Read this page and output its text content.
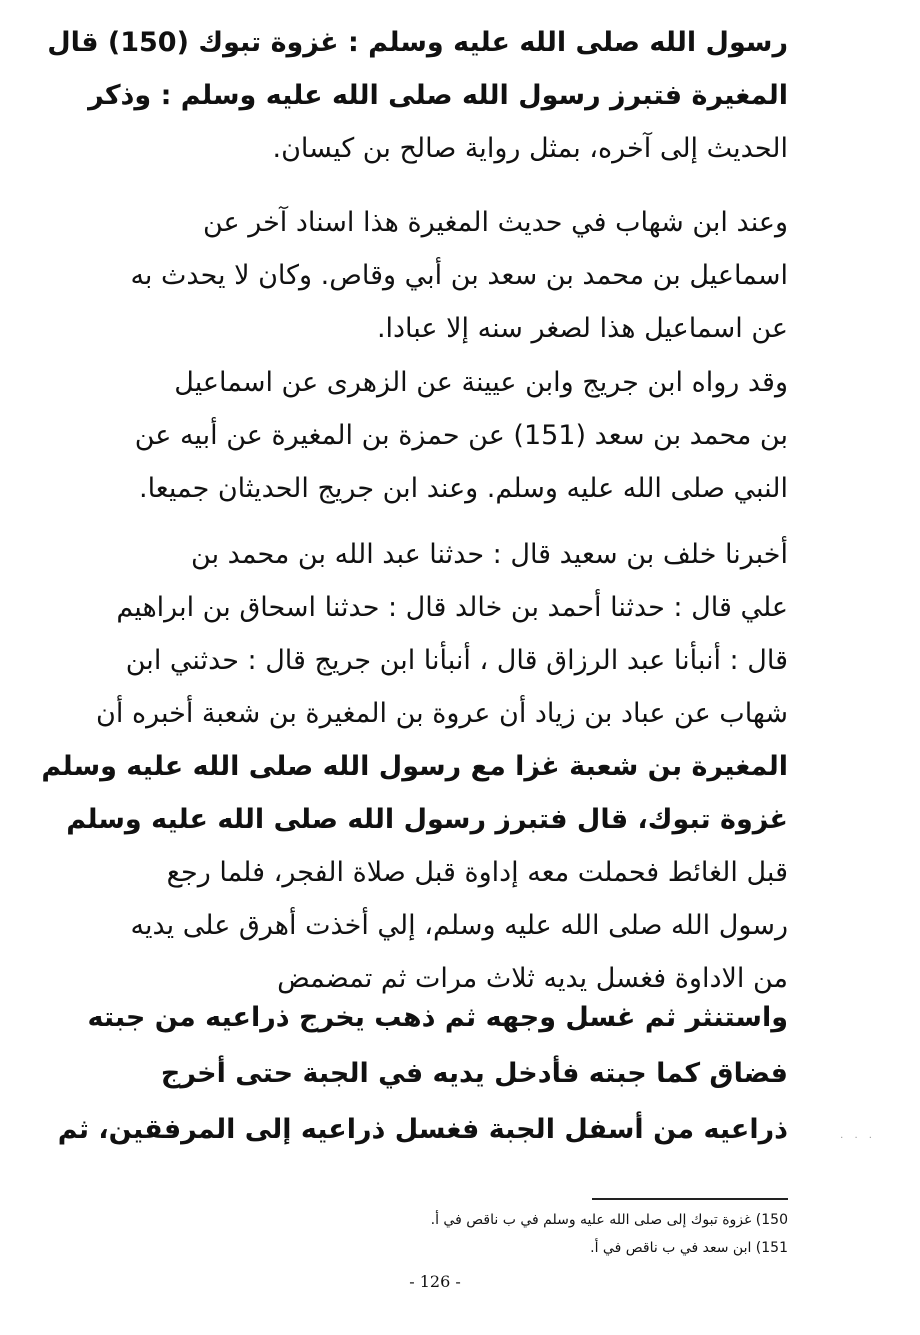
رسول الله صلى الله عليه وسلم : غزوة تبوك (150) قال
المغيرة فتبرز رسول الله صلى الله عليه وسلم : وذكر
الحديث إلى آخره، بمثل رواية صالح بن كيسان.
وعند ابن شهاب في حديث المغيرة هذا اسناد آخر عن
اسماعيل بن محمد بن سعد بن أبي وقاص. وكان لا يحدث به
عن اسماعيل هذا لصغر سنه إلا عبادا.
وقد رواه ابن جريج وابن عيينة عن الزهرى عن اسماعيل
بن محمد بن سعد (151) عن حمزة بن المغيرة عن أبيه عن
النبي صلى الله عليه وسلم. وعند ابن جريج الحديثان جميعا.
أخبرنا خلف بن سعيد قال : حدثنا عبد الله بن محمد بن
علي قال : حدثنا أحمد بن خالد قال : حدثنا اسحاق بن ابراهيم
قال : أنبأنا عبد الرزاق قال ، أنبأنا ابن جريج قال : حدثني ابن
شهاب عن عباد بن زياد أن عروة بن المغيرة بن شعبة أخبره أن
المغيرة بن شعبة غزا مع رسول الله صلى الله عليه وسلم
غزوة تبوك، قال فتبرز رسول الله صلى الله عليه وسلم
قبل الغائط فحملت معه إداوة قبل صلاة الفجر، فلما رجع
رسول الله صلى الله عليه وسلم، إلي أخذت أهرق على يديه
من الاداوة فغسل يديه ثلاث مرات ثم تمضمض
واستنثر ثم غسل وجهه ثم ذهب يخرج ذراعيه من جبته
فضاق كما جبته فأدخل يديه في الجبة حتى أخرج
ذراعيه من أسفل الجبة فغسل ذراعيه إلى المرفقين، ثم	. . .
150) غزوة تبوك إلى صلى الله عليه وسلم في ب ناقص في أ.
151) ابن سعد في ب ناقص في أ.
- 126 -
